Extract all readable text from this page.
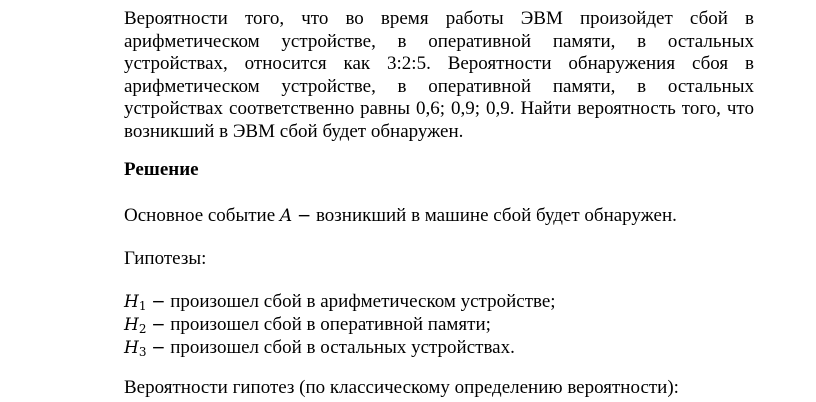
Вероятности того, что во время работы ЭВМ произойдет сбой в арифметическом устройстве, в оперативной памяти, в остальных устройствах, относится как 3:2:5. Вероятности обнаружения сбоя в арифметическом устройстве, в оперативной памяти, в остальных устройствах соответственно равны 0,6; 0,9; 0,9. Найти вероятность того, что возникший в ЭВМ сбой будет обнаружен.

Решение

Основное событие A − возникший в машине сбой будет обнаружен.

Гипотезы:

$H_1$ − произошел сбой в арифметическом устройстве;

$H_2$ − произошел сбой в оперативной памяти;

$H_3$ − произошел сбой в остальных устройствах.

Вероятности гипотез (по классическому определению вероятности):
